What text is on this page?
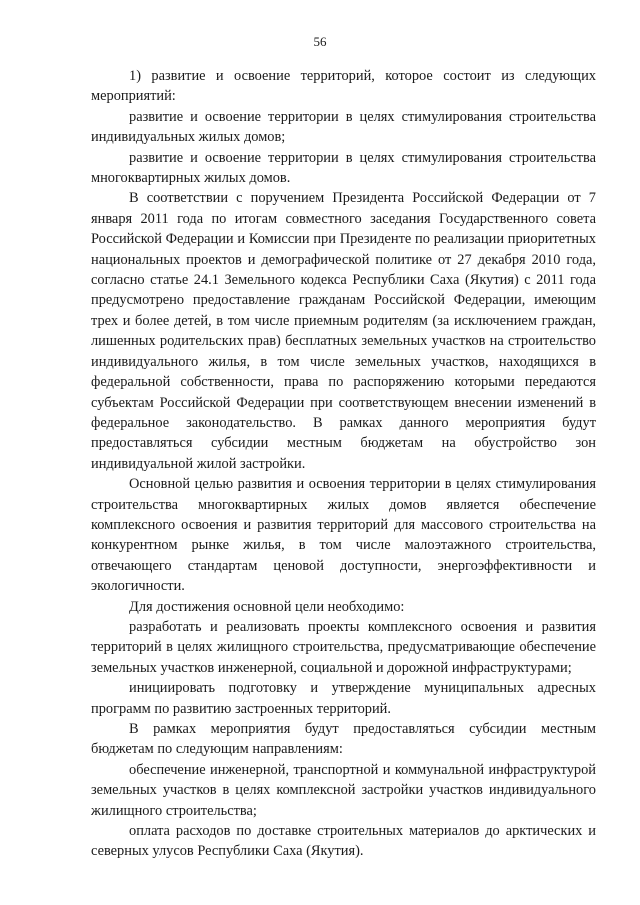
56

1) развитие и освоение территорий, которое состоит из следующих мероприятий:

развитие и освоение территории в целях стимулирования строительства индивидуальных жилых домов;

развитие и освоение территории в целях стимулирования строительства многоквартирных жилых домов.

В соответствии с поручением Президента Российской Федерации от 7 января 2011 года по итогам совместного заседания Государственного совета Российской Федерации и Комиссии при Президенте по реализации приоритетных национальных проектов и демографической политике от 27 декабря 2010 года, согласно статье 24.1 Земельного кодекса Республики Саха (Якутия) с 2011 года предусмотрено предоставление гражданам Российской Федерации, имеющим трех и более детей, в том числе приемным родителям (за исключением граждан, лишенных родительских прав) бесплатных земельных участков на строительство индивидуального жилья, в том числе земельных участков, находящихся в федеральной собственности, права по распоряжению которыми передаются субъектам Российской Федерации при соответствующем внесении изменений в федеральное законодательство. В рамках данного мероприятия будут предоставляться субсидии местным бюджетам на обустройство зон индивидуальной жилой застройки.

Основной целью развития и освоения территории в целях стимулирования строительства многоквартирных жилых домов является обеспечение комплексного освоения и развития территорий для массового строительства на конкурентном рынке жилья, в том числе малоэтажного строительства, отвечающего стандартам ценовой доступности, энергоэффективности и экологичности.

Для достижения основной цели необходимо:

разработать и реализовать проекты комплексного освоения и развития территорий в целях жилищного строительства, предусматривающие обеспечение земельных участков инженерной, социальной и дорожной инфраструктурами;

инициировать подготовку и утверждение муниципальных адресных программ по развитию застроенных территорий.

В рамках мероприятия будут предоставляться субсидии местным бюджетам по следующим направлениям:

обеспечение инженерной, транспортной и коммунальной инфраструктурой земельных участков в целях комплексной застройки участков индивидуального жилищного строительства;

оплата расходов по доставке строительных материалов до арктических и северных улусов Республики Саха (Якутия).
